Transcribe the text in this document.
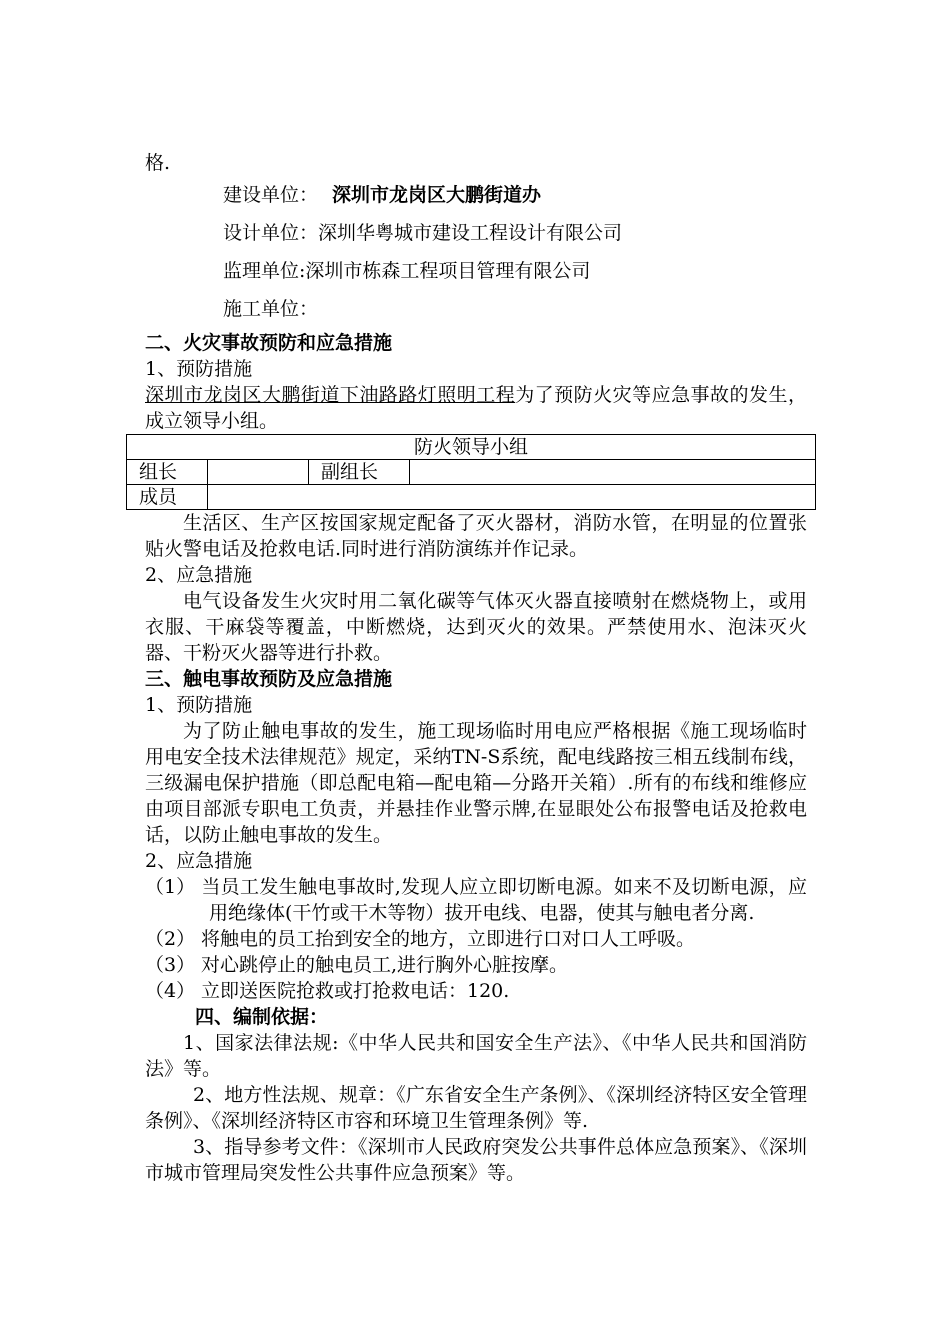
格.

建设单位： 深圳市龙岗区大鹏街道办

设计单位：深圳华粤城市建设工程设计有限公司

监理单位:深圳市栋森工程项目管理有限公司

施工单位：

二、火灾事故预防和应急措施

1、预防措施

深圳市龙岗区大鹏街道下油路路灯照明工程为了预防火灾等应急事故的发生，成立领导小组。

防火领导小组			
组长		副组长	
成员			

生活区、生产区按国家规定配备了灭火器材，消防水管，在明显的位置张贴火警电话及抢救电话.同时进行消防演练并作记录。

2、应急措施

电气设备发生火灾时用二氧化碳等气体灭火器直接喷射在燃烧物上，或用衣服、干麻袋等覆盖，中断燃烧，达到灭火的效果。严禁使用水、泡沫灭火器、干粉灭火器等进行扑救。

三、触电事故预防及应急措施

1、预防措施

为了防止触电事故的发生，施工现场临时用电应严格根据《施工现场临时用电安全技术法律规范》规定，采纳TN-S系统，配电线路按三相五线制布线，三级漏电保护措施（即总配电箱—配电箱—分路开关箱）.所有的布线和维修应由项目部派专职电工负责，并悬挂作业警示牌,在显眼处公布报警电话及抢救电话，以防止触电事故的发生。

2、应急措施

（1） 当员工发生触电事故时,发现人应立即切断电源。如来不及切断电源，应用绝缘体(干竹或干木等物）拔开电线、电器，使其与触电者分离.

（2） 将触电的员工抬到安全的地方，立即进行口对口人工呼吸。

（3） 对心跳停止的触电员工,进行胸外心脏按摩。

（4） 立即送医院抢救或打抢救电话：120.

四、编制依据：

1、国家法律法规:《中华人民共和国安全生产法》、《中华人民共和国消防法》等。

2、地方性法规、规章：《广东省安全生产条例》、《深圳经济特区安全管理条例》、《深圳经济特区市容和环境卫生管理条例》等.

3、指导参考文件：《深圳市人民政府突发公共事件总体应急预案》、《深圳市城市管理局突发性公共事件应急预案》等。
